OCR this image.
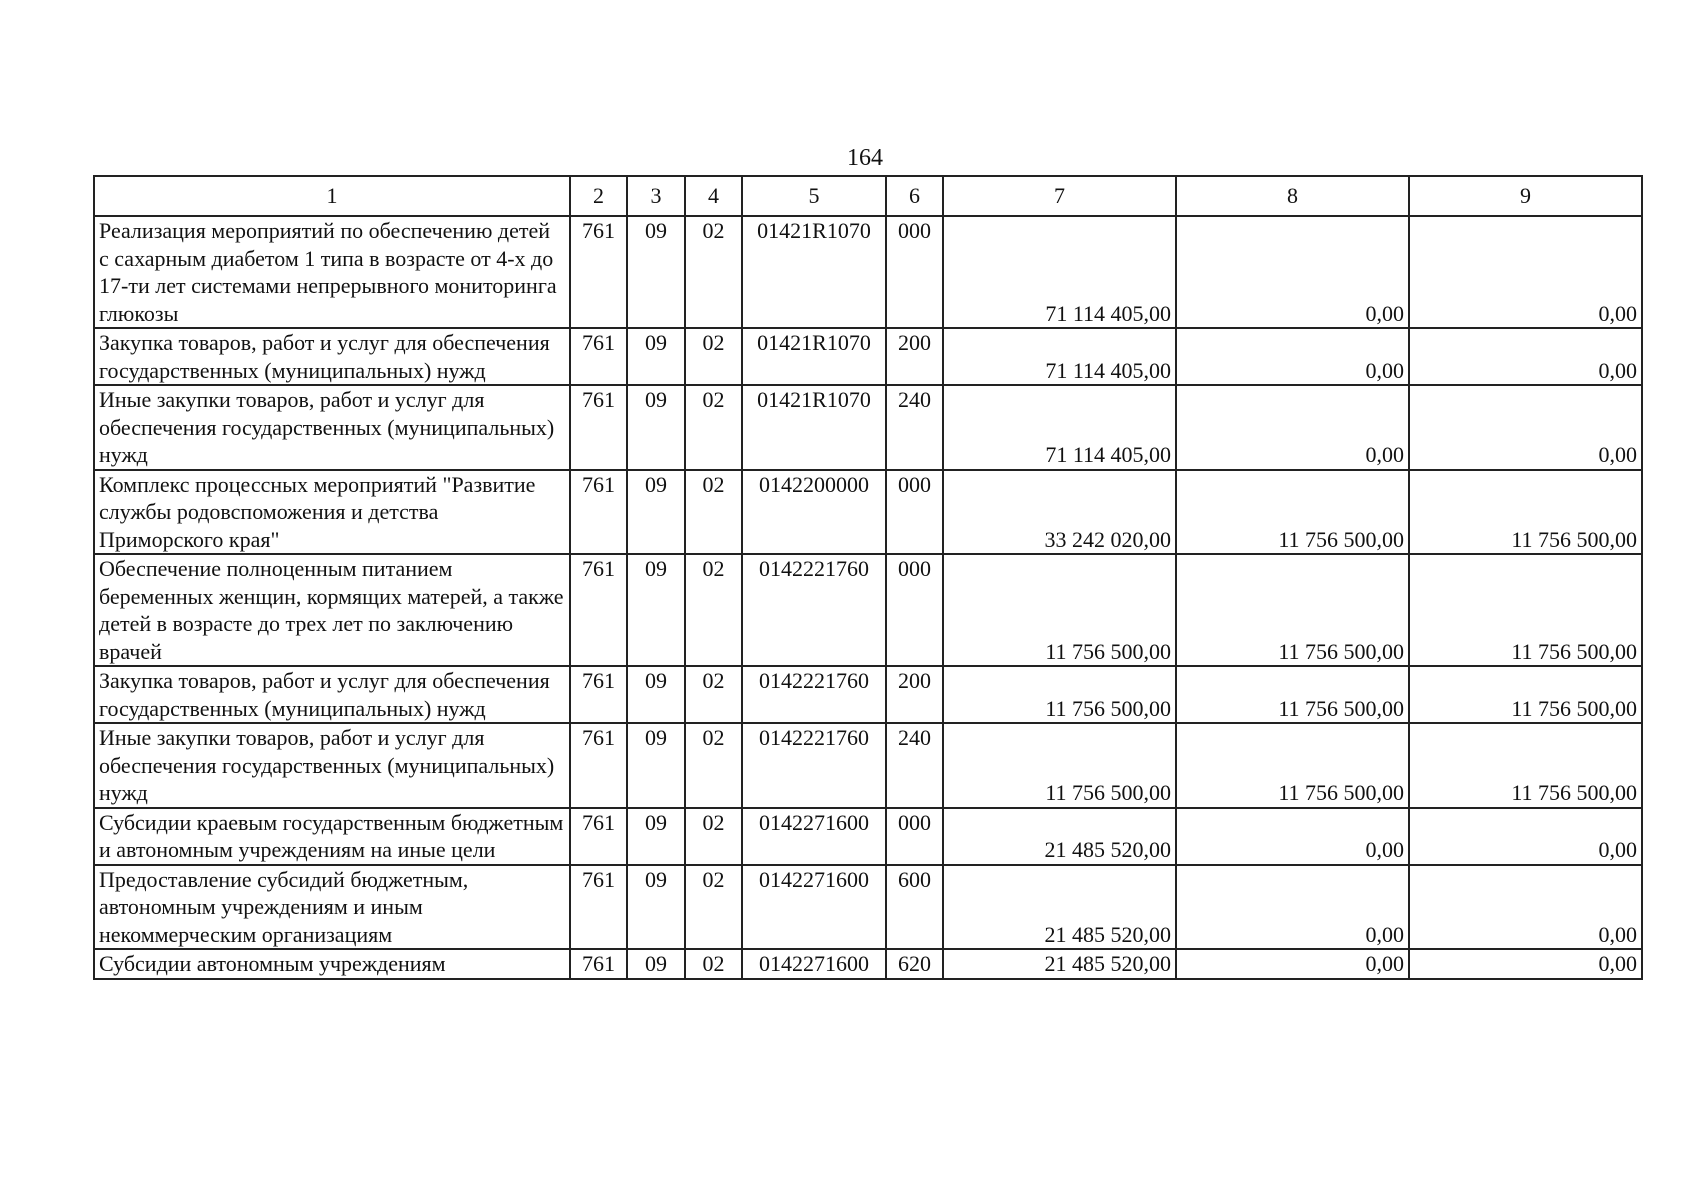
164
1	2	3	4	5	6	7	8	9
Реализация мероприятий по обеспечению детей с сахарным диабетом 1 типа в возрасте от 4-х до 17-ти лет системами непрерывного мониторинга глюкозы	761	09	02	01421R1070	000	71 114 405,00	0,00	0,00
Закупка товаров, работ и услуг для обеспечения государственных (муниципальных) нужд	761	09	02	01421R1070	200	71 114 405,00	0,00	0,00
Иные закупки товаров, работ и услуг для обеспечения государственных (муниципальных) нужд	761	09	02	01421R1070	240	71 114 405,00	0,00	0,00
Комплекс процессных мероприятий "Развитие службы родовспоможения и детства Приморского края"	761	09	02	0142200000	000	33 242 020,00	11 756 500,00	11 756 500,00
Обеспечение полноценным питанием беременных женщин, кормящих матерей, а также детей в возрасте до трех лет по заключению врачей	761	09	02	0142221760	000	11 756 500,00	11 756 500,00	11 756 500,00
Закупка товаров, работ и услуг для обеспечения государственных (муниципальных) нужд	761	09	02	0142221760	200	11 756 500,00	11 756 500,00	11 756 500,00
Иные закупки товаров, работ и услуг для обеспечения государственных (муниципальных) нужд	761	09	02	0142221760	240	11 756 500,00	11 756 500,00	11 756 500,00
Субсидии краевым государственным бюджетным и автономным учреждениям на иные цели	761	09	02	0142271600	000	21 485 520,00	0,00	0,00
Предоставление субсидий бюджетным, автономным учреждениям и иным некоммерческим организациям	761	09	02	0142271600	600	21 485 520,00	0,00	0,00
Субсидии автономным учреждениям	761	09	02	0142271600	620	21 485 520,00	0,00	0,00
